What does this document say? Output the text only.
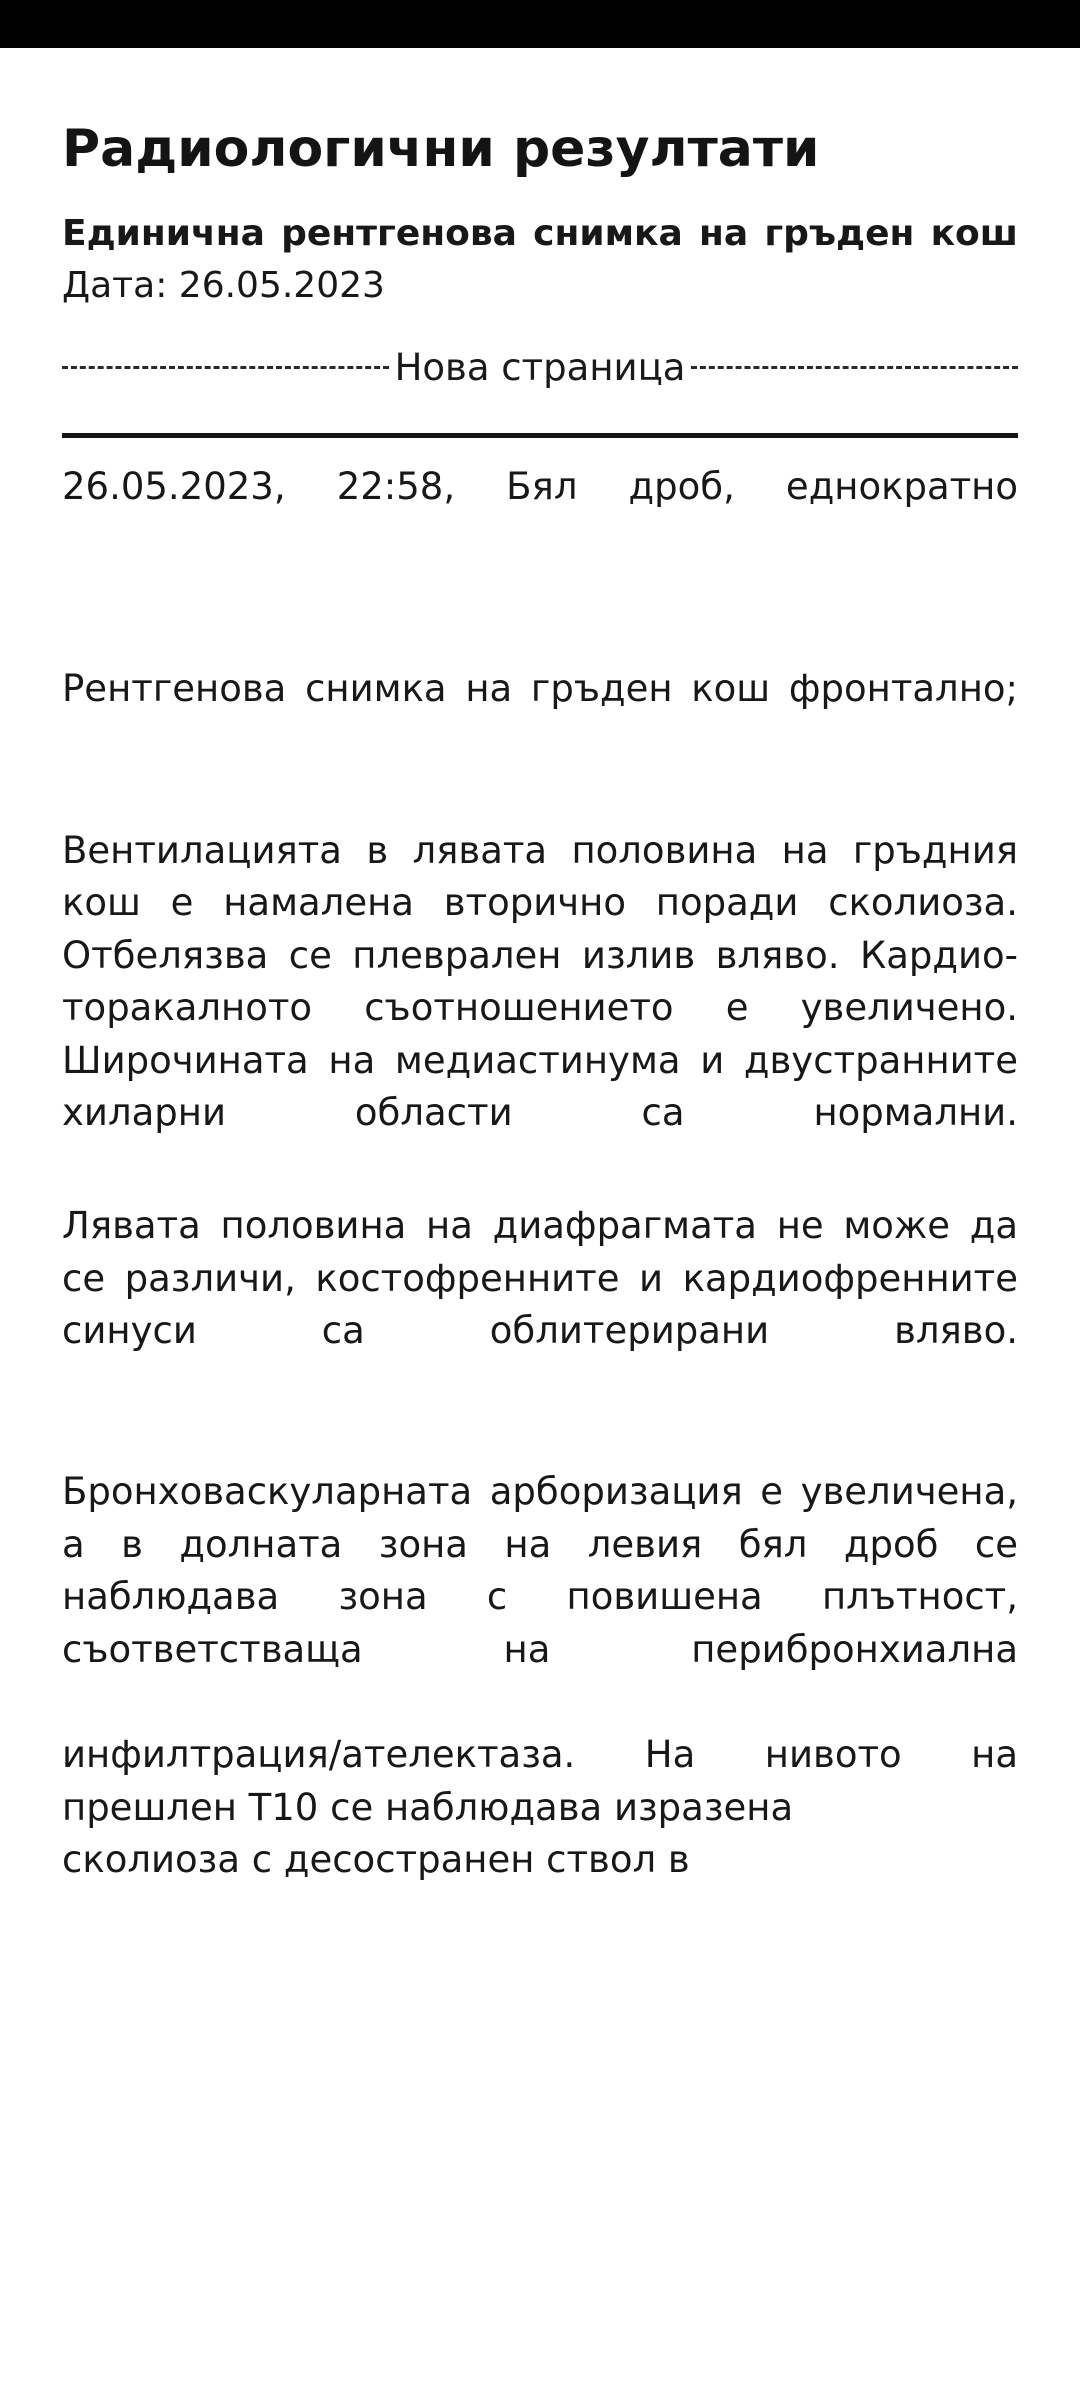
Радиологични резултати
Единична рентгенова снимка на гръден кош Дата: 26.05.2023
Нова страница
26.05.2023, 22:58, Бял дроб, еднократно

Рентгенова снимка на гръден кош фронтално;

Вентилацията в лявата половина на гръдния кош е намалена вторично поради сколиоза. Отбелязва се плеврален излив вляво. Кардио-торакалното съотношението е увеличено. Широчината на медиастинума и двустранните хиларни области са нормални.

Лявата половина на диафрагмата не може да се различи, костофренните и кардиофренните синуси са облитерирани вляво.

Бронховаскуларната арборизация е увеличена, а в долната зона на левия бял дроб се наблюдава зона с повишена плътност, съответстваща на перибронхиална

инфилтрация/ателектаза. На нивото на прешлен Т10 се наблюдава изразена

сколиоза с десостранен ствол в
